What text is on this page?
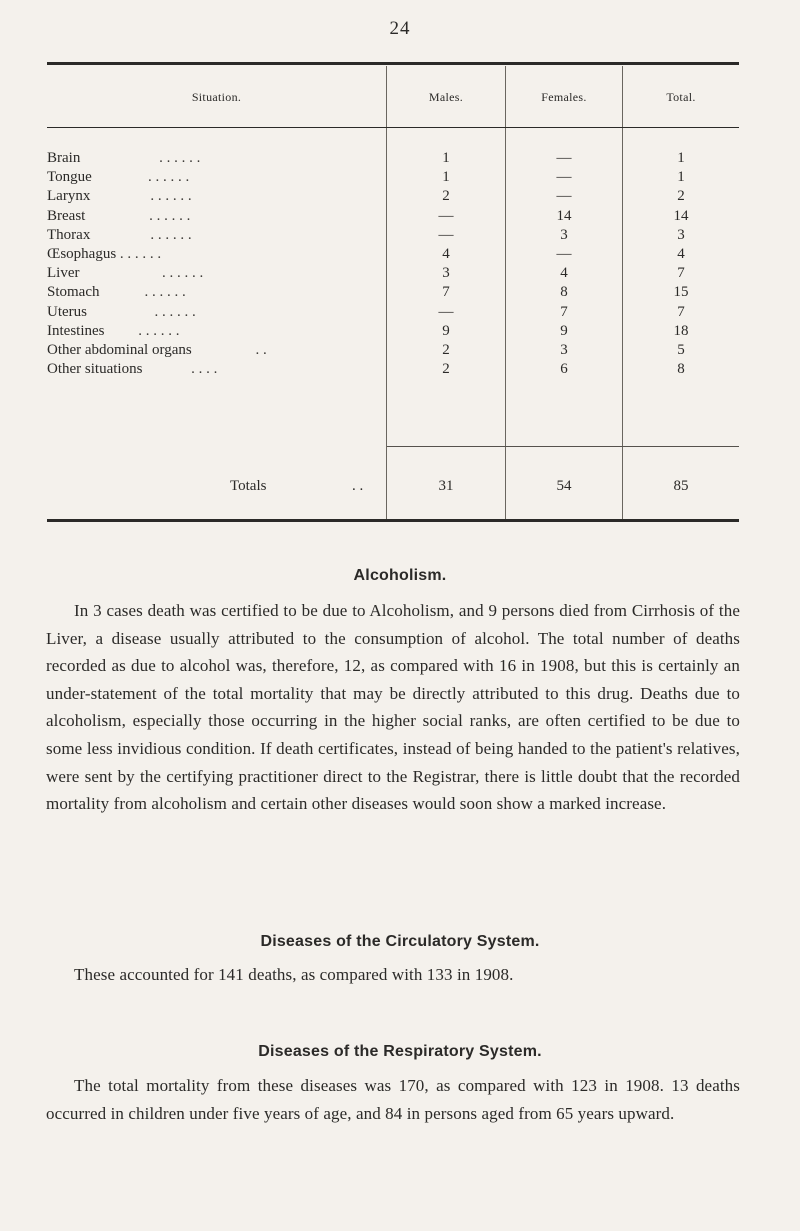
24
Situation.	Males.	Females.	Total.
Brain	. . . . . .	1	—	1
Tongue	. . . . . .	1	—	1
Larynx	. . . . . .	2	—	2
Breast	. . . . . .	—	14	14
Thorax	. . . . . .	—	3	3
Œsophagus . . . . . .	4	—	4
Liver	. . . . . .	3	4	7
Stomach	. . . . . .	7	8	15
Uterus	. . . . . .	—	7	7
Intestines . . . . . .	9	9	18
Other abdominal organs	. .	2	3	5
Other situations	. . . .	2	6	8
Totals	. .	31	54	85
Alcoholism.
In 3 cases death was certified to be due to Alcoholism, and 9 persons died from Cirrhosis of the Liver, a disease usually attributed to the consumption of alcohol. The total number of deaths recorded as due to alcohol was, therefore, 12, as compared with 16 in 1908, but this is certainly an under-statement of the total mortality that may be directly attributed to this drug. Deaths due to alcoholism, especially those occurring in the higher social ranks, are often certified to be due to some less invidious condition. If death certificates, instead of being handed to the patient's relatives, were sent by the certifying practitioner direct to the Registrar, there is little doubt that the recorded mortality from alcoholism and certain other diseases would soon show a marked increase.
Diseases of the Circulatory System.
These accounted for 141 deaths, as compared with 133 in 1908.
Diseases of the Respiratory System.
The total mortality from these diseases was 170, as compared with 123 in 1908. 13 deaths occurred in children under five years of age, and 84 in persons aged from 65 years upward.
